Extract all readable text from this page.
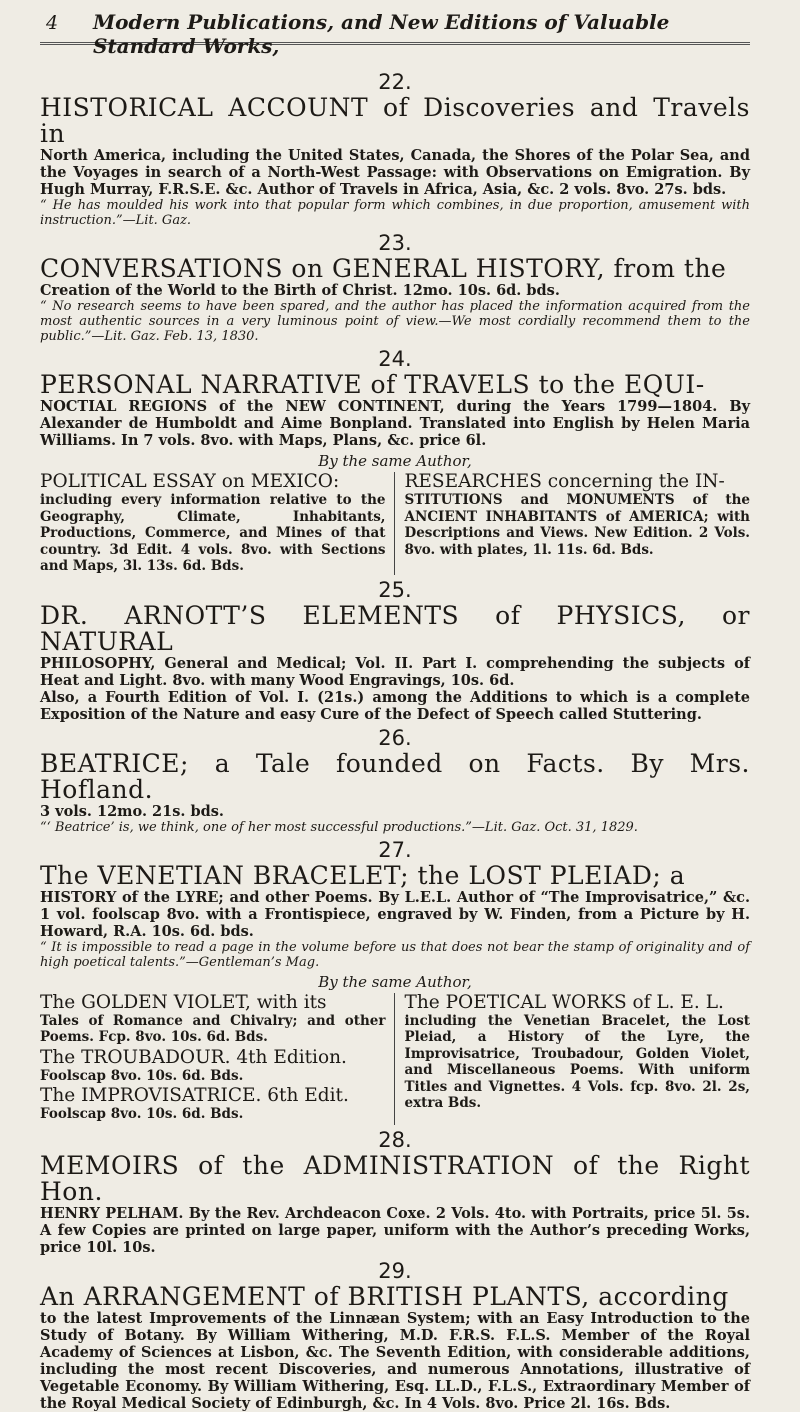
4 Modern Publications, and New Editions of Valuable Standard Works,
22.
HISTORICAL ACCOUNT of Discoveries and Travels in
North America, including the United States, Canada, the Shores of the Polar Sea, and the Voyages in search of a North-West Passage: with Observations on Emigration. By Hugh Murray, F.R.S.E. &c. Author of Travels in Africa, Asia, &c. 2 vols. 8vo. 27s. bds.
“ He has moulded his work into that popular form which combines, in due proportion, amusement with instruction.”—Lit. Gaz.
23.
CONVERSATIONS on GENERAL HISTORY, from the
Creation of the World to the Birth of Christ. 12mo. 10s. 6d. bds.
“ No research seems to have been spared, and the author has placed the information acquired from the most authentic sources in a very luminous point of view.—We most cordially recommend them to the public.”—Lit. Gaz. Feb. 13, 1830.
24.
PERSONAL NARRATIVE of TRAVELS to the EQUI-
NOCTIAL REGIONS of the NEW CONTINENT, during the Years 1799—1804. By Alexander de Humboldt and Aime Bonpland. Translated into English by Helen Maria Williams. In 7 vols. 8vo. with Maps, Plans, &c. price 6l.
By the same Author,
POLITICAL ESSAY on MEXICO:
including every information relative to the Geography, Climate, Inhabitants, Productions, Commerce, and Mines of that country. 3d Edit. 4 vols. 8vo. with Sections and Maps, 3l. 13s. 6d. Bds.
RESEARCHES concerning the IN-
STITUTIONS and MONUMENTS of the ANCIENT INHABITANTS of AMERICA; with Descriptions and Views. New Edition. 2 Vols. 8vo. with plates, 1l. 11s. 6d. Bds.
25.
DR. ARNOTT’S ELEMENTS of PHYSICS, or NATURAL
PHILOSOPHY, General and Medical; Vol. II. Part I. comprehending the subjects of Heat and Light. 8vo. with many Wood Engravings, 10s. 6d.
Also, a Fourth Edition of Vol. I. (21s.) among the Additions to which is a complete Exposition of the Nature and easy Cure of the Defect of Speech called Stuttering.
26.
BEATRICE; a Tale founded on Facts. By Mrs. Hofland.
3 vols. 12mo. 21s. bds.
“‘ Beatrice’ is, we think, one of her most successful productions.”—Lit. Gaz. Oct. 31, 1829.
27.
The VENETIAN BRACELET; the LOST PLEIAD; a
HISTORY of the LYRE; and other Poems. By L.E.L. Author of “The Improvisatrice,” &c. 1 vol. foolscap 8vo. with a Frontispiece, engraved by W. Finden, from a Picture by H. Howard, R.A. 10s. 6d. bds.
“ It is impossible to read a page in the volume before us that does not bear the stamp of originality and of high poetical talents.”—Gentleman’s Mag.
By the same Author,
The GOLDEN VIOLET, with its
Tales of Romance and Chivalry; and other Poems. Fcp. 8vo. 10s. 6d. Bds.
The TROUBADOUR. 4th Edition.
Foolscap 8vo. 10s. 6d. Bds.
The IMPROVISATRICE. 6th Edit.
Foolscap 8vo. 10s. 6d. Bds.
The POETICAL WORKS of L. E. L.
including the Venetian Bracelet, the Lost Pleiad, a History of the Lyre, the Improvisatrice, Troubadour, Golden Violet, and Miscellaneous Poems. With uniform Titles and Vignettes. 4 Vols. fcp. 8vo. 2l. 2s, extra Bds.
28.
MEMOIRS of the ADMINISTRATION of the Right Hon.
HENRY PELHAM. By the Rev. Archdeacon Coxe. 2 Vols. 4to. with Portraits, price 5l. 5s. A few Copies are printed on large paper, uniform with the Author’s preceding Works, price 10l. 10s.
29.
An ARRANGEMENT of BRITISH PLANTS, according
to the latest Improvements of the Linnæan System; with an Easy Introduction to the Study of Botany. By William Withering, M.D. F.R.S. F.L.S. Member of the Royal Academy of Sciences at Lisbon, &c. The Seventh Edition, with considerable additions, including the most recent Discoveries, and numerous Annotations, illustrative of Vegetable Economy. By William Withering, Esq. LL.D., F.L.S., Extraordinary Member of the Royal Medical Society of Edinburgh, &c. In 4 Vols. 8vo. Price 2l. 16s. Bds.
